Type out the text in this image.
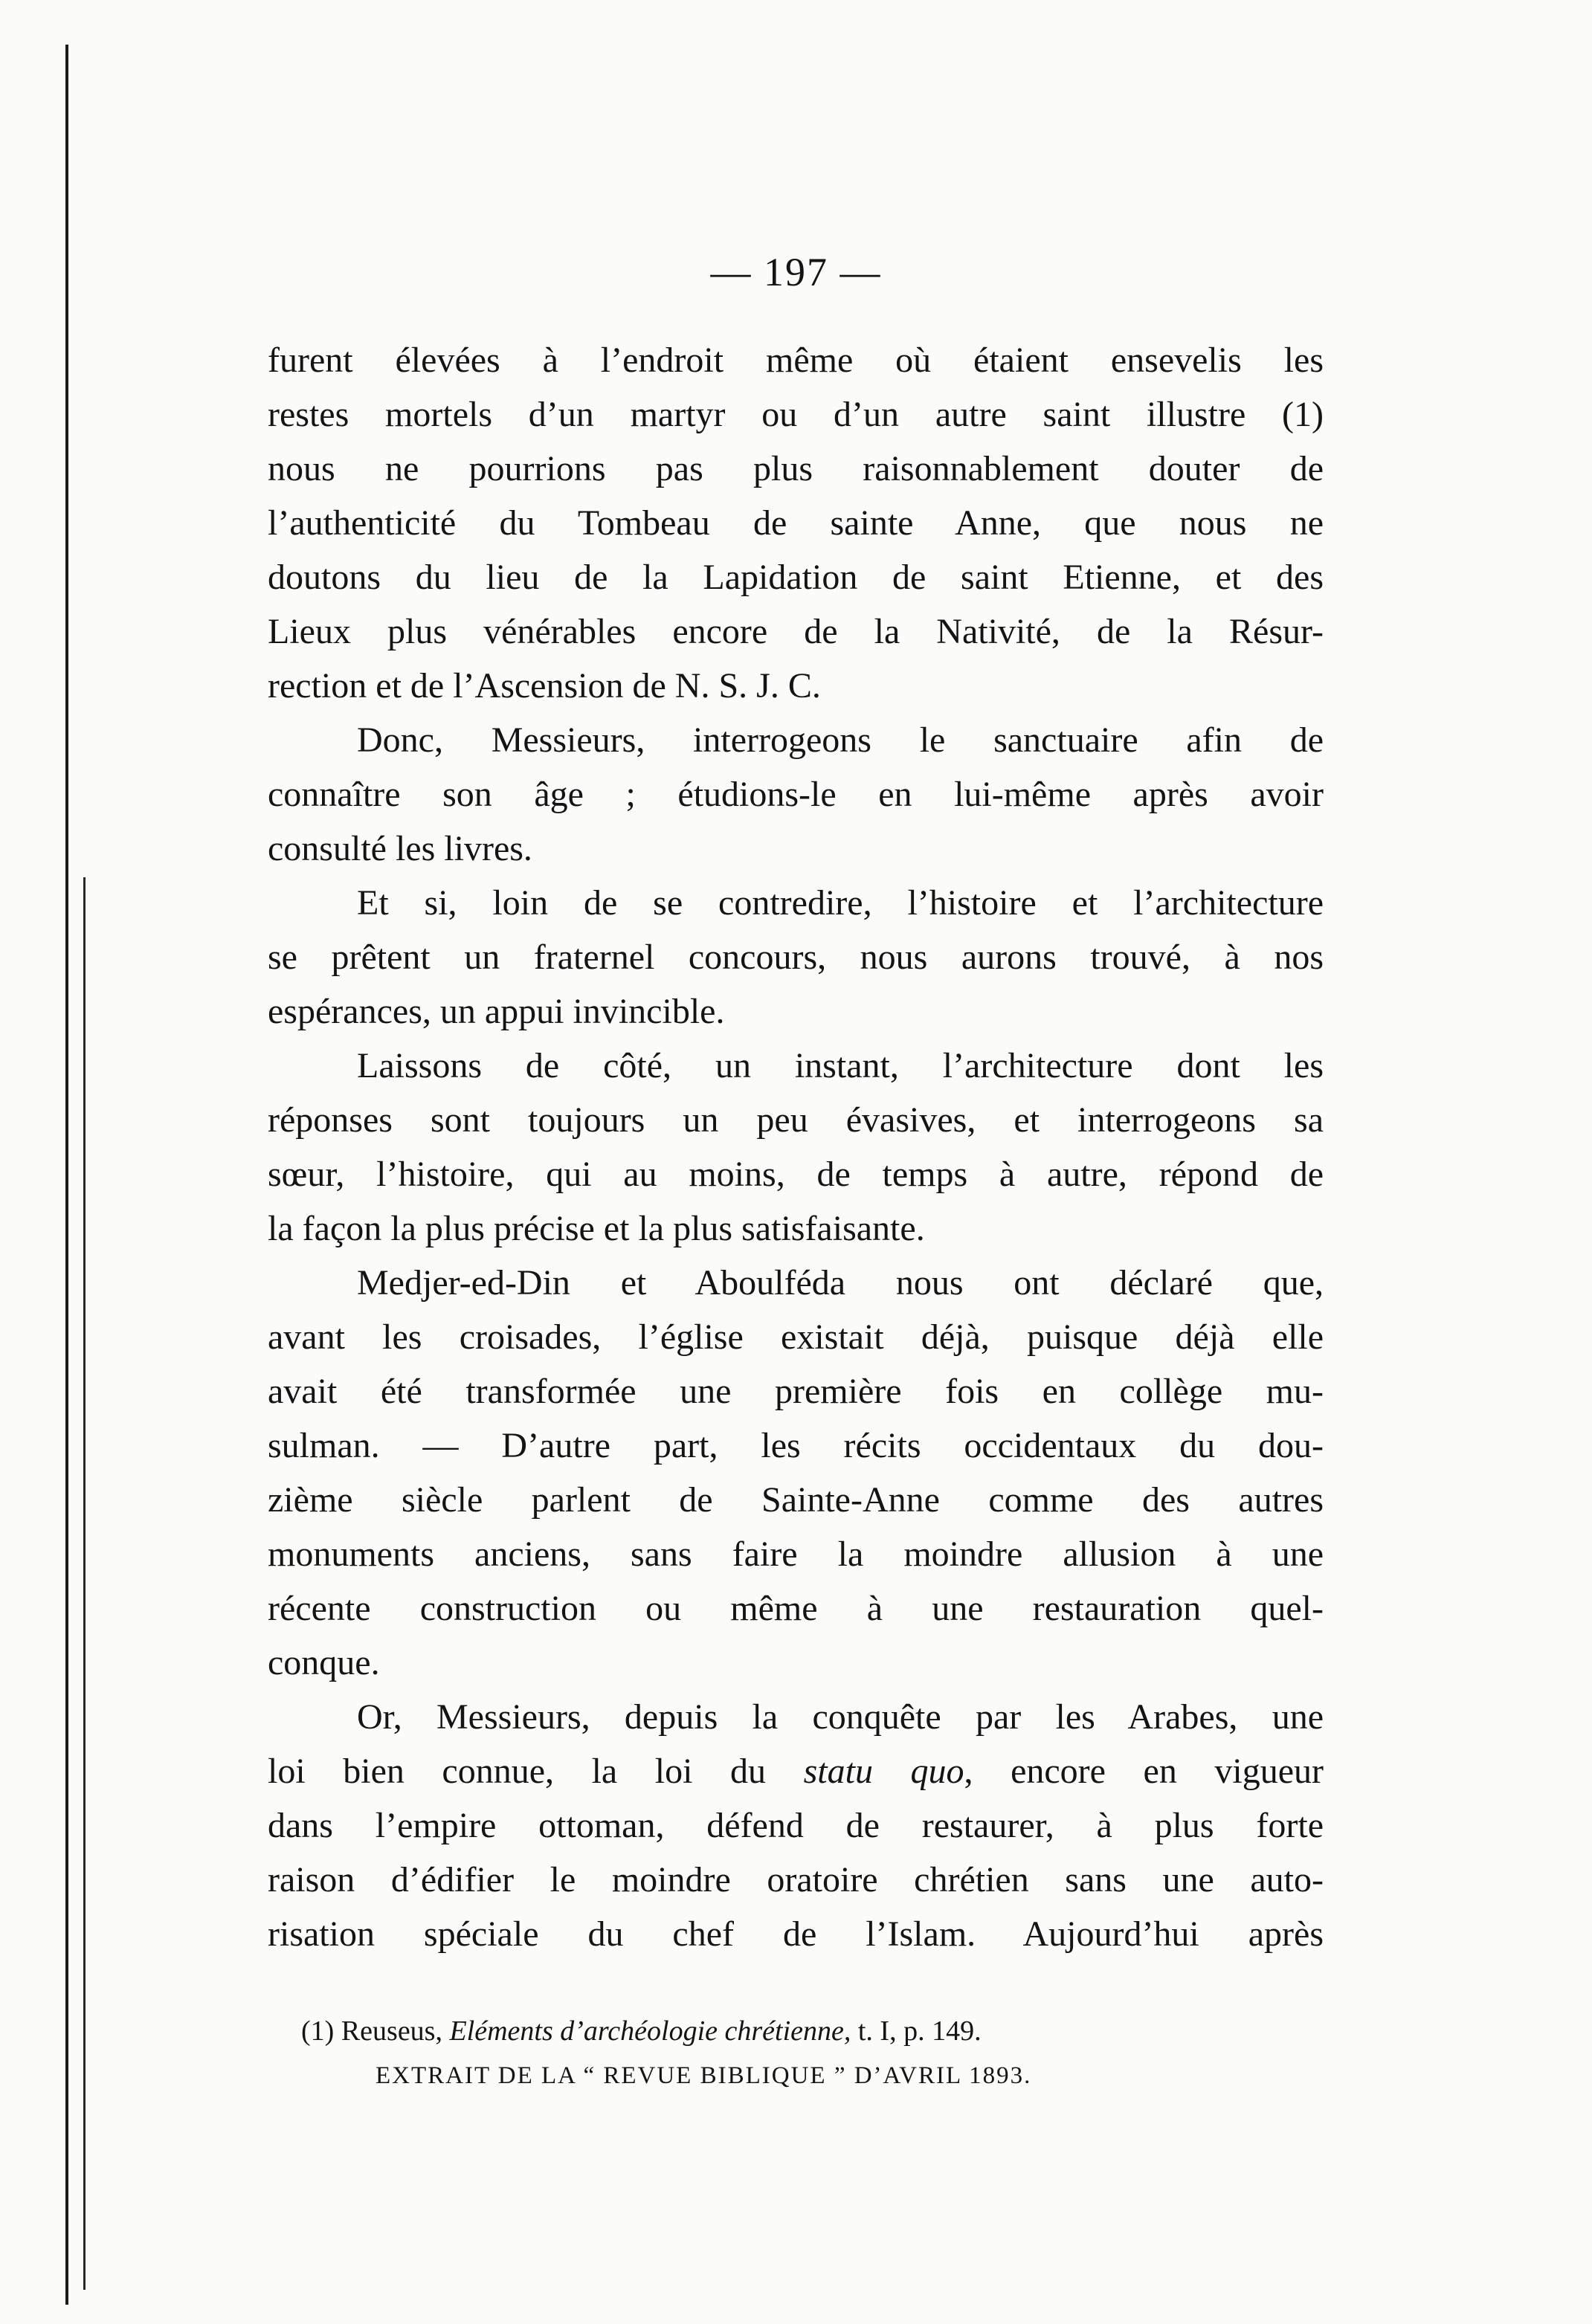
— 197 —
furent élevées à l’endroit même où étaient ensevelis les
restes mortels d’un martyr ou d’un autre saint illustre (1)
nous ne pourrions pas plus raisonnablement douter de
l’authenticité du Tombeau de sainte Anne, que nous ne
doutons du lieu de la Lapidation de saint Etienne, et des
Lieux plus vénérables encore de la Nativité, de la Résur-
rection et de l’Ascension de N. S. J. C.
Donc, Messieurs, interrogeons le sanctuaire afin de
connaître son âge ; étudions-le en lui-même après avoir
consulté les livres.
Et si, loin de se contredire, l’histoire et l’architecture
se prêtent un fraternel concours, nous aurons trouvé, à nos
espérances, un appui invincible.
Laissons de côté, un instant, l’architecture dont les
réponses sont toujours un peu évasives, et interrogeons sa
sœur, l’histoire, qui au moins, de temps à autre, répond de
la façon la plus précise et la plus satisfaisante.
Medjer-ed-Din et Aboulféda nous ont déclaré que,
avant les croisades, l’église existait déjà, puisque déjà elle
avait été transformée une première fois en collège mu-
sulman. — D’autre part, les récits occidentaux du dou-
zième siècle parlent de Sainte-Anne comme des autres
monuments anciens, sans faire la moindre allusion à une
récente construction ou même à une restauration quel-
conque.
Or, Messieurs, depuis la conquête par les Arabes, une
loi bien connue, la loi du statu quo, encore en vigueur
dans l’empire ottoman, défend de restaurer, à plus forte
raison d’édifier le moindre oratoire chrétien sans une auto-
risation spéciale du chef de l’Islam. Aujourd’hui après
(1) Reuseus, Eléments d’archéologie chrétienne, t. I, p. 149.
EXTRAIT DE LA “ REVUE BIBLIQUE ” D’AVRIL 1893.
